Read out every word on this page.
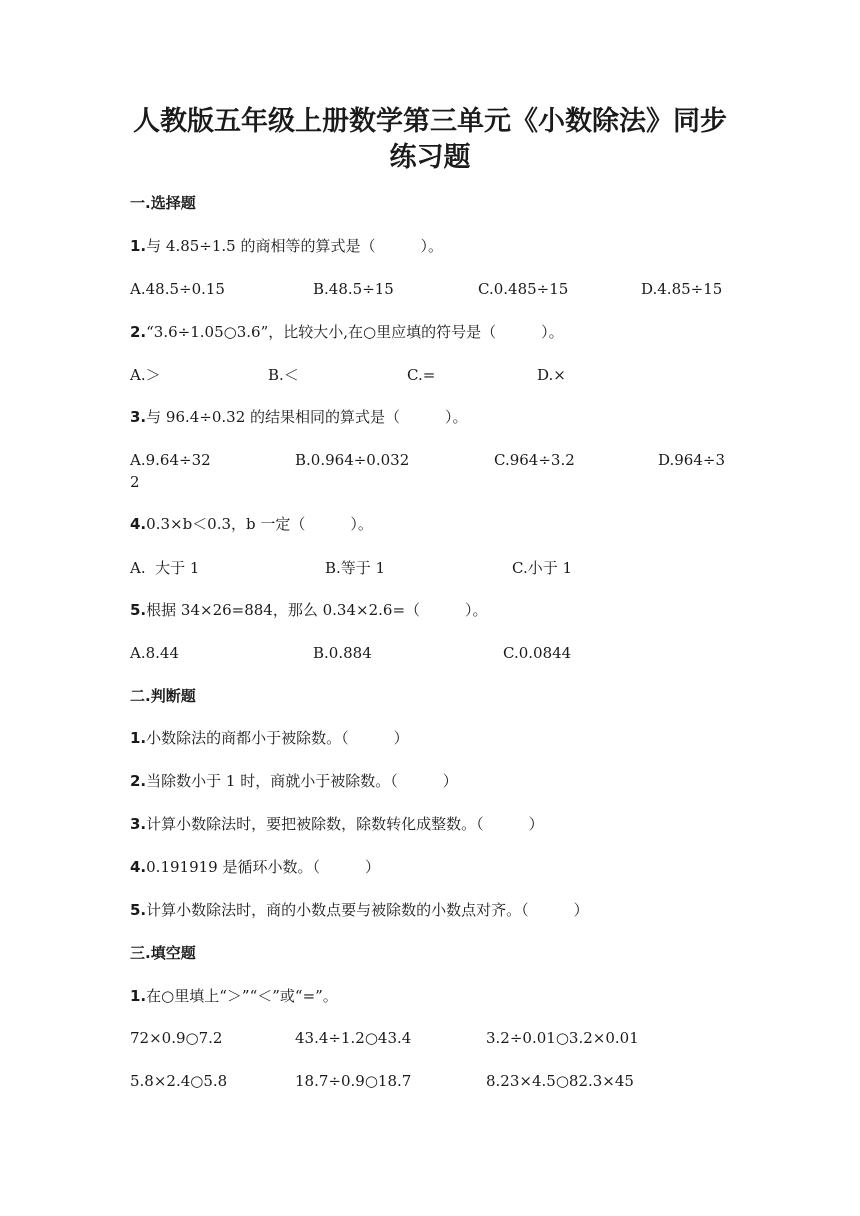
人教版五年级上册数学第三单元《小数除法》同步
练习题
一.选择题
1.与 4.85÷1.5 的商相等的算式是（　　　）。
A.48.5÷0.15	B.48.5÷15	C.0.485÷15	D.4.85÷15
2.“3.6÷1.05○3.6”，比较大小,在○里应填的符号是（　　　）。
A.＞	B.＜	C.=	D.×
3.与 96.4÷0.32 的结果相同的算式是（　　　）。
A.9.64÷32	B.0.964÷0.032	C.964÷3.2	D.964÷3
2
4.0.3×b＜0.3，b 一定（　　　）。
A.  大于 1	B.等于 1	C.小于 1
5.根据 34×26=884，那么 0.34×2.6=（　　　）。
A.8.44	B.0.884	C.0.0844
二.判断题
1.小数除法的商都小于被除数。（　　　）
2.当除数小于 1 时，商就小于被除数。（　　　）
3.计算小数除法时，要把被除数，除数转化成整数。（　　　）
4.0.191919 是循环小数。（　　　）
5.计算小数除法时，商的小数点要与被除数的小数点对齐。（　　　）
三.填空题
1.在○里填上“＞”“＜”或“=”。
72×0.9○7.2	43.4÷1.2○43.4	3.2÷0.01○3.2×0.01
5.8×2.4○5.8	18.7÷0.9○18.7	8.23×4.5○82.3×45
